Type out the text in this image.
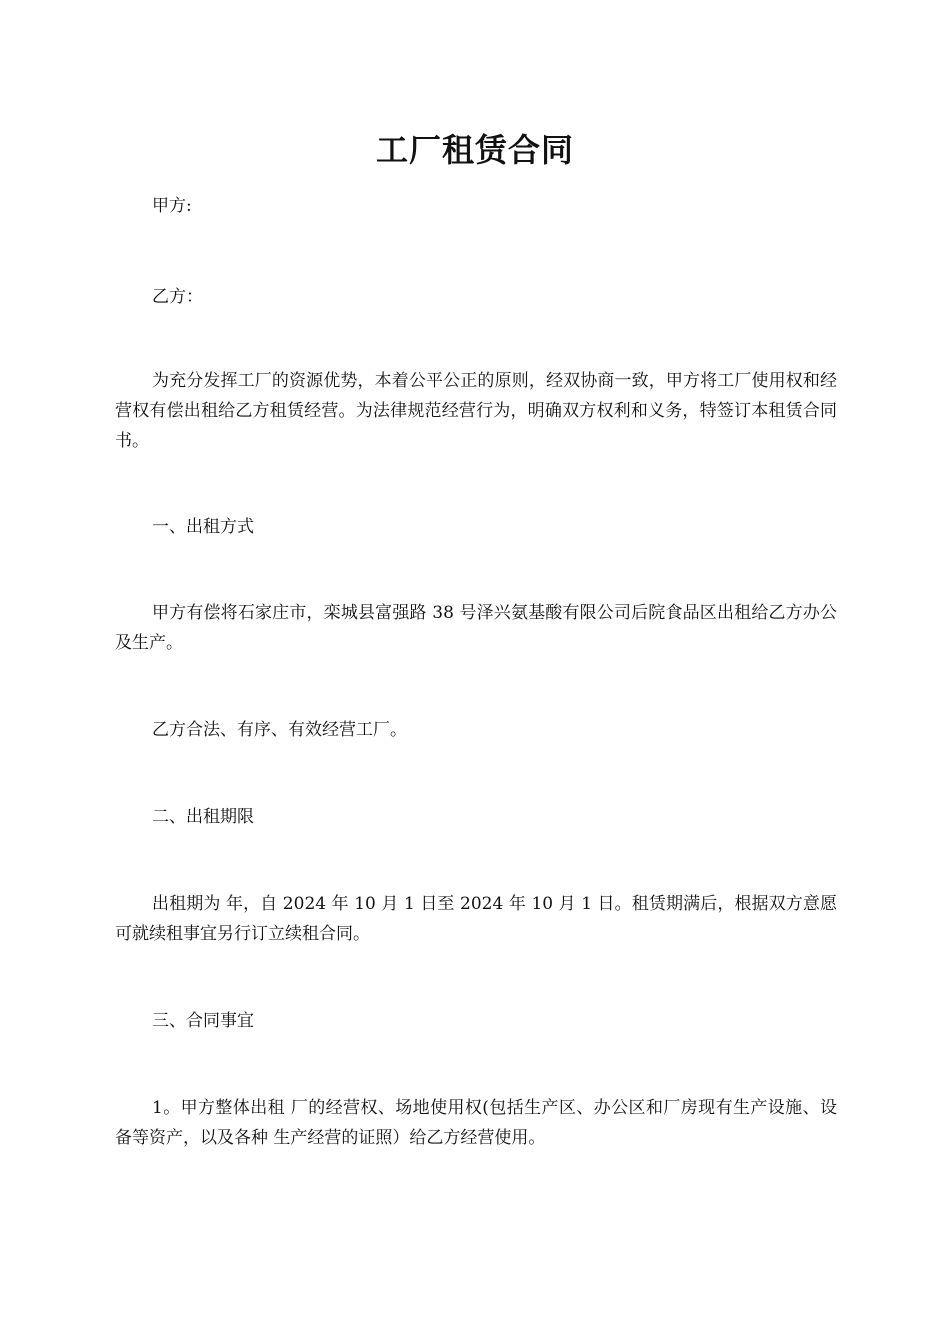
工厂租赁合同
甲方:
乙方：
为充分发挥工厂的资源优势，本着公平公正的原则，经双协商一致，甲方将工厂使用权和经营权有偿出租给乙方租赁经营。为法律规范经营行为，明确双方权利和义务，特签订本租赁合同书。
一、出租方式
甲方有偿将石家庄市，栾城县富强路 38 号泽兴氨基酸有限公司后院食品区出租给乙方办公及生产。
乙方合法、有序、有效经营工厂。
二、出租期限
出租期为 年，自 2024 年 10 月 1 日至 2024 年 10 月 1 日。租赁期满后，根据双方意愿可就续租事宜另行订立续租合同。
三、合同事宜
1。甲方整体出租 厂的经营权、场地使用权(包括生产区、办公区和厂房现有生产设施、设备等资产，以及各种 生产经营的证照）给乙方经营使用。
